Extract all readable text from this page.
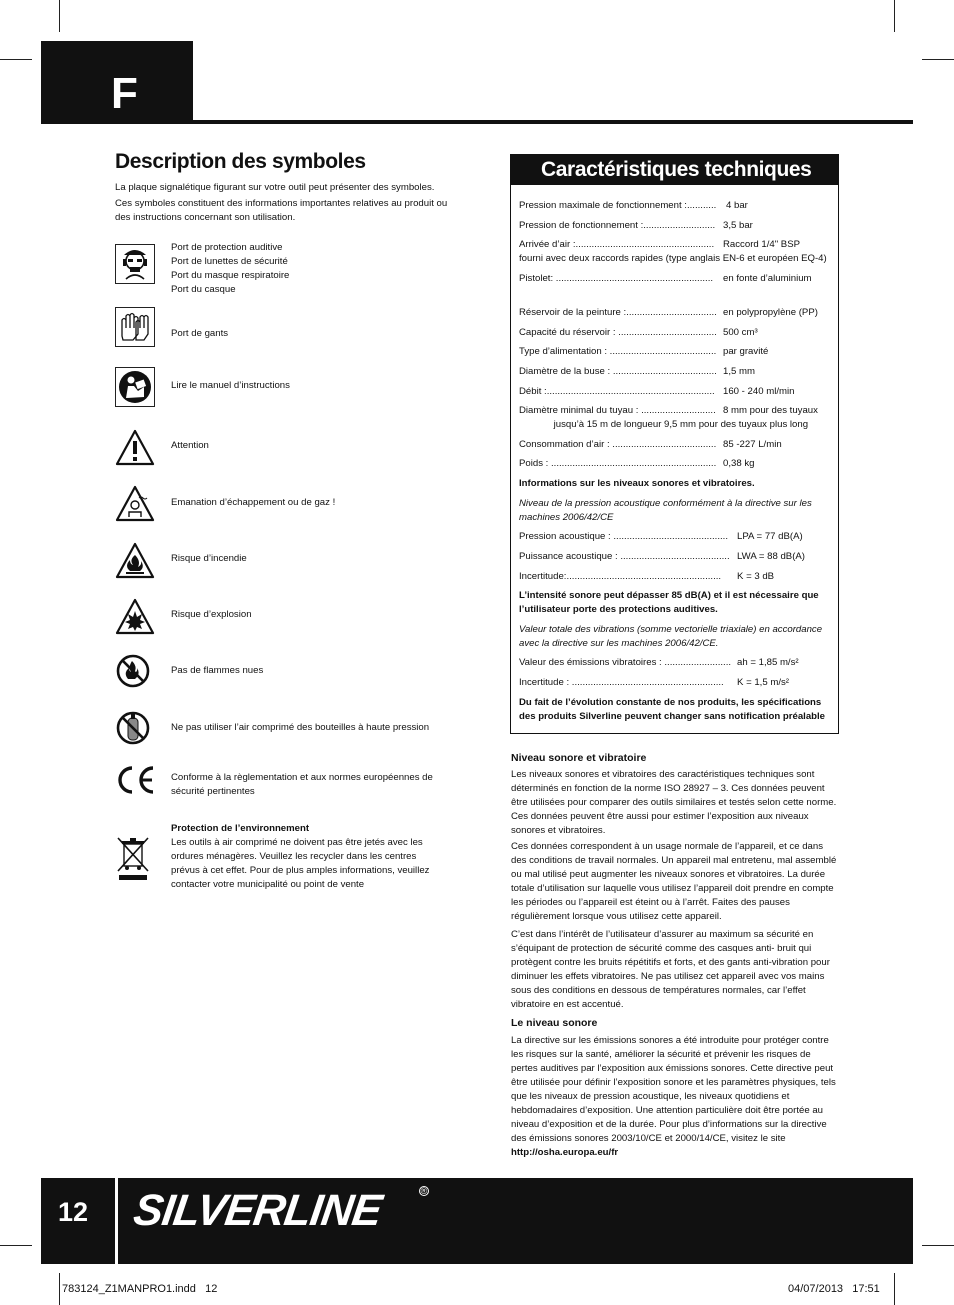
F
Description des symboles
La plaque signalétique figurant sur votre outil peut présenter des symboles.
Ces symboles constituent des informations importantes relatives au produit ou des instructions concernant son utilisation.
Port de protection auditive
Port de lunettes de sécurité
Port du masque respiratoire
Port du casque
Port de gants
Lire le manuel d’instructions
Attention
Emanation d’échappement ou de gaz !
Risque d’incendie
Risque d’explosion
Pas de flammes nues
Ne pas utiliser l’air comprimé des bouteilles à haute pression
Conforme à la règlementation et aux normes européennes de sécurité pertinentes
Protection de l’environnement
Les outils à air comprimé ne doivent pas être jetés avec les ordures ménagères. Veuillez les recycler dans les centres prévus à cet effet. Pour de plus amples informations, veuillez contacter votre municipalité ou point de vente
Caractéristiques techniques
Pression maximale de fonctionnement :........... 4 bar
Pression de fonctionnement :........................... 3,5 bar
Arrivée d’air :.................................................... Raccord 1/4" BSP
fourni avec deux raccords rapides (type anglais EN-6 et européen EQ-4)
Pistolet: ........................................................... en fonte d’aluminium
Réservoir de la peinture :.................................. en polypropylène (PP)
Capacité du réservoir : ..................................... 500 cm³
Type d’alimentation : ........................................ par gravité
Diamètre de la buse : ....................................... 1,5 mm
Débit :............................................................... 160 - 240 ml/min
Diamètre minimal du tuyau : ............................ 8 mm pour des tuyaux
jusqu’à 15 m de longueur 9,5 mm pour des tuyaux plus long
Consommation d’air : ....................................... 85 -227 L/min
Poids : .............................................................. 0,38 kg
Informations sur les niveaux sonores et vibratoires.
Niveau de la pression acoustique conformément à la directive sur les machines 2006/42/CE
Pression acoustique : ........................................... LPA = 77 dB(A)
Puissance acoustique : ......................................... LWA = 88 dB(A)
Incertitude:.......................................................... K = 3 dB
L’intensité sonore peut dépasser 85 dB(A) et il est nécessaire que l’utilisateur porte des protections auditives.
Valeur totale des vibrations (somme vectorielle triaxiale) en accordance avec la directive sur les machines 2006/42/CE.
Valeur des émissions vibratoires : ......................... ah = 1,85 m/s²
Incertitude : ......................................................... K = 1,5 m/s²
Du fait de l’évolution constante de nos produits, les spécifications des produits Silverline peuvent changer sans notification préalable
Niveau sonore et vibratoire
Les niveaux sonores et vibratoires des caractéristiques techniques sont déterminés en fonction de la norme ISO 28927 – 3. Ces données peuvent être utilisées pour comparer des outils similaires et testés selon cette norme. Ces données peuvent être aussi pour estimer l’exposition aux niveaux sonores et vibratoires.
Ces données correspondent à un usage normale de l’appareil, et ce dans des conditions de travail normales. Un appareil mal entretenu, mal assemblé ou mal utilisé peut augmenter les niveaux sonores et vibratoires. La durée totale d’utilisation sur laquelle vous utilisez l’appareil doit prendre en compte les périodes ou l’appareil est éteint ou à l’arrêt. Faites des pauses régulièrement lorsque vous utilisez cette appareil.
C’est dans l’intérêt de l’utilisateur d’assurer au maximum sa sécurité en s’équipant de protection de sécurité comme des casques anti- bruit qui protègent contre les bruits répétitifs et forts, et des gants anti-vibration pour diminuer les effets vibratoires. Ne pas utilisez cet appareil avec vos mains sous des conditions en dessous de températures normales, car l’effet vibratoire en est accentué.
Le niveau sonore
La directive sur les émissions sonores a été introduite pour protéger contre les risques sur la santé, améliorer la sécurité et prévenir les risques de pertes auditives par l’exposition aux émissions sonores. Cette directive peut être utilisée pour définir l’exposition sonore et les paramètres physiques, tels que les niveaux de pression acoustique, les niveaux quotidiens et hebdomadaires d’exposition. Une attention particulière doit être portée au niveau d’exposition et de la durée. Pour plus d’informations sur la directive des émissions sonores 2003/10/CE et 2000/14/CE, visitez le site http://osha.europa.eu/fr
12 SILVERLINE	®
783124_Z1MANPRO1.indd   12	04/07/2013   17:51
